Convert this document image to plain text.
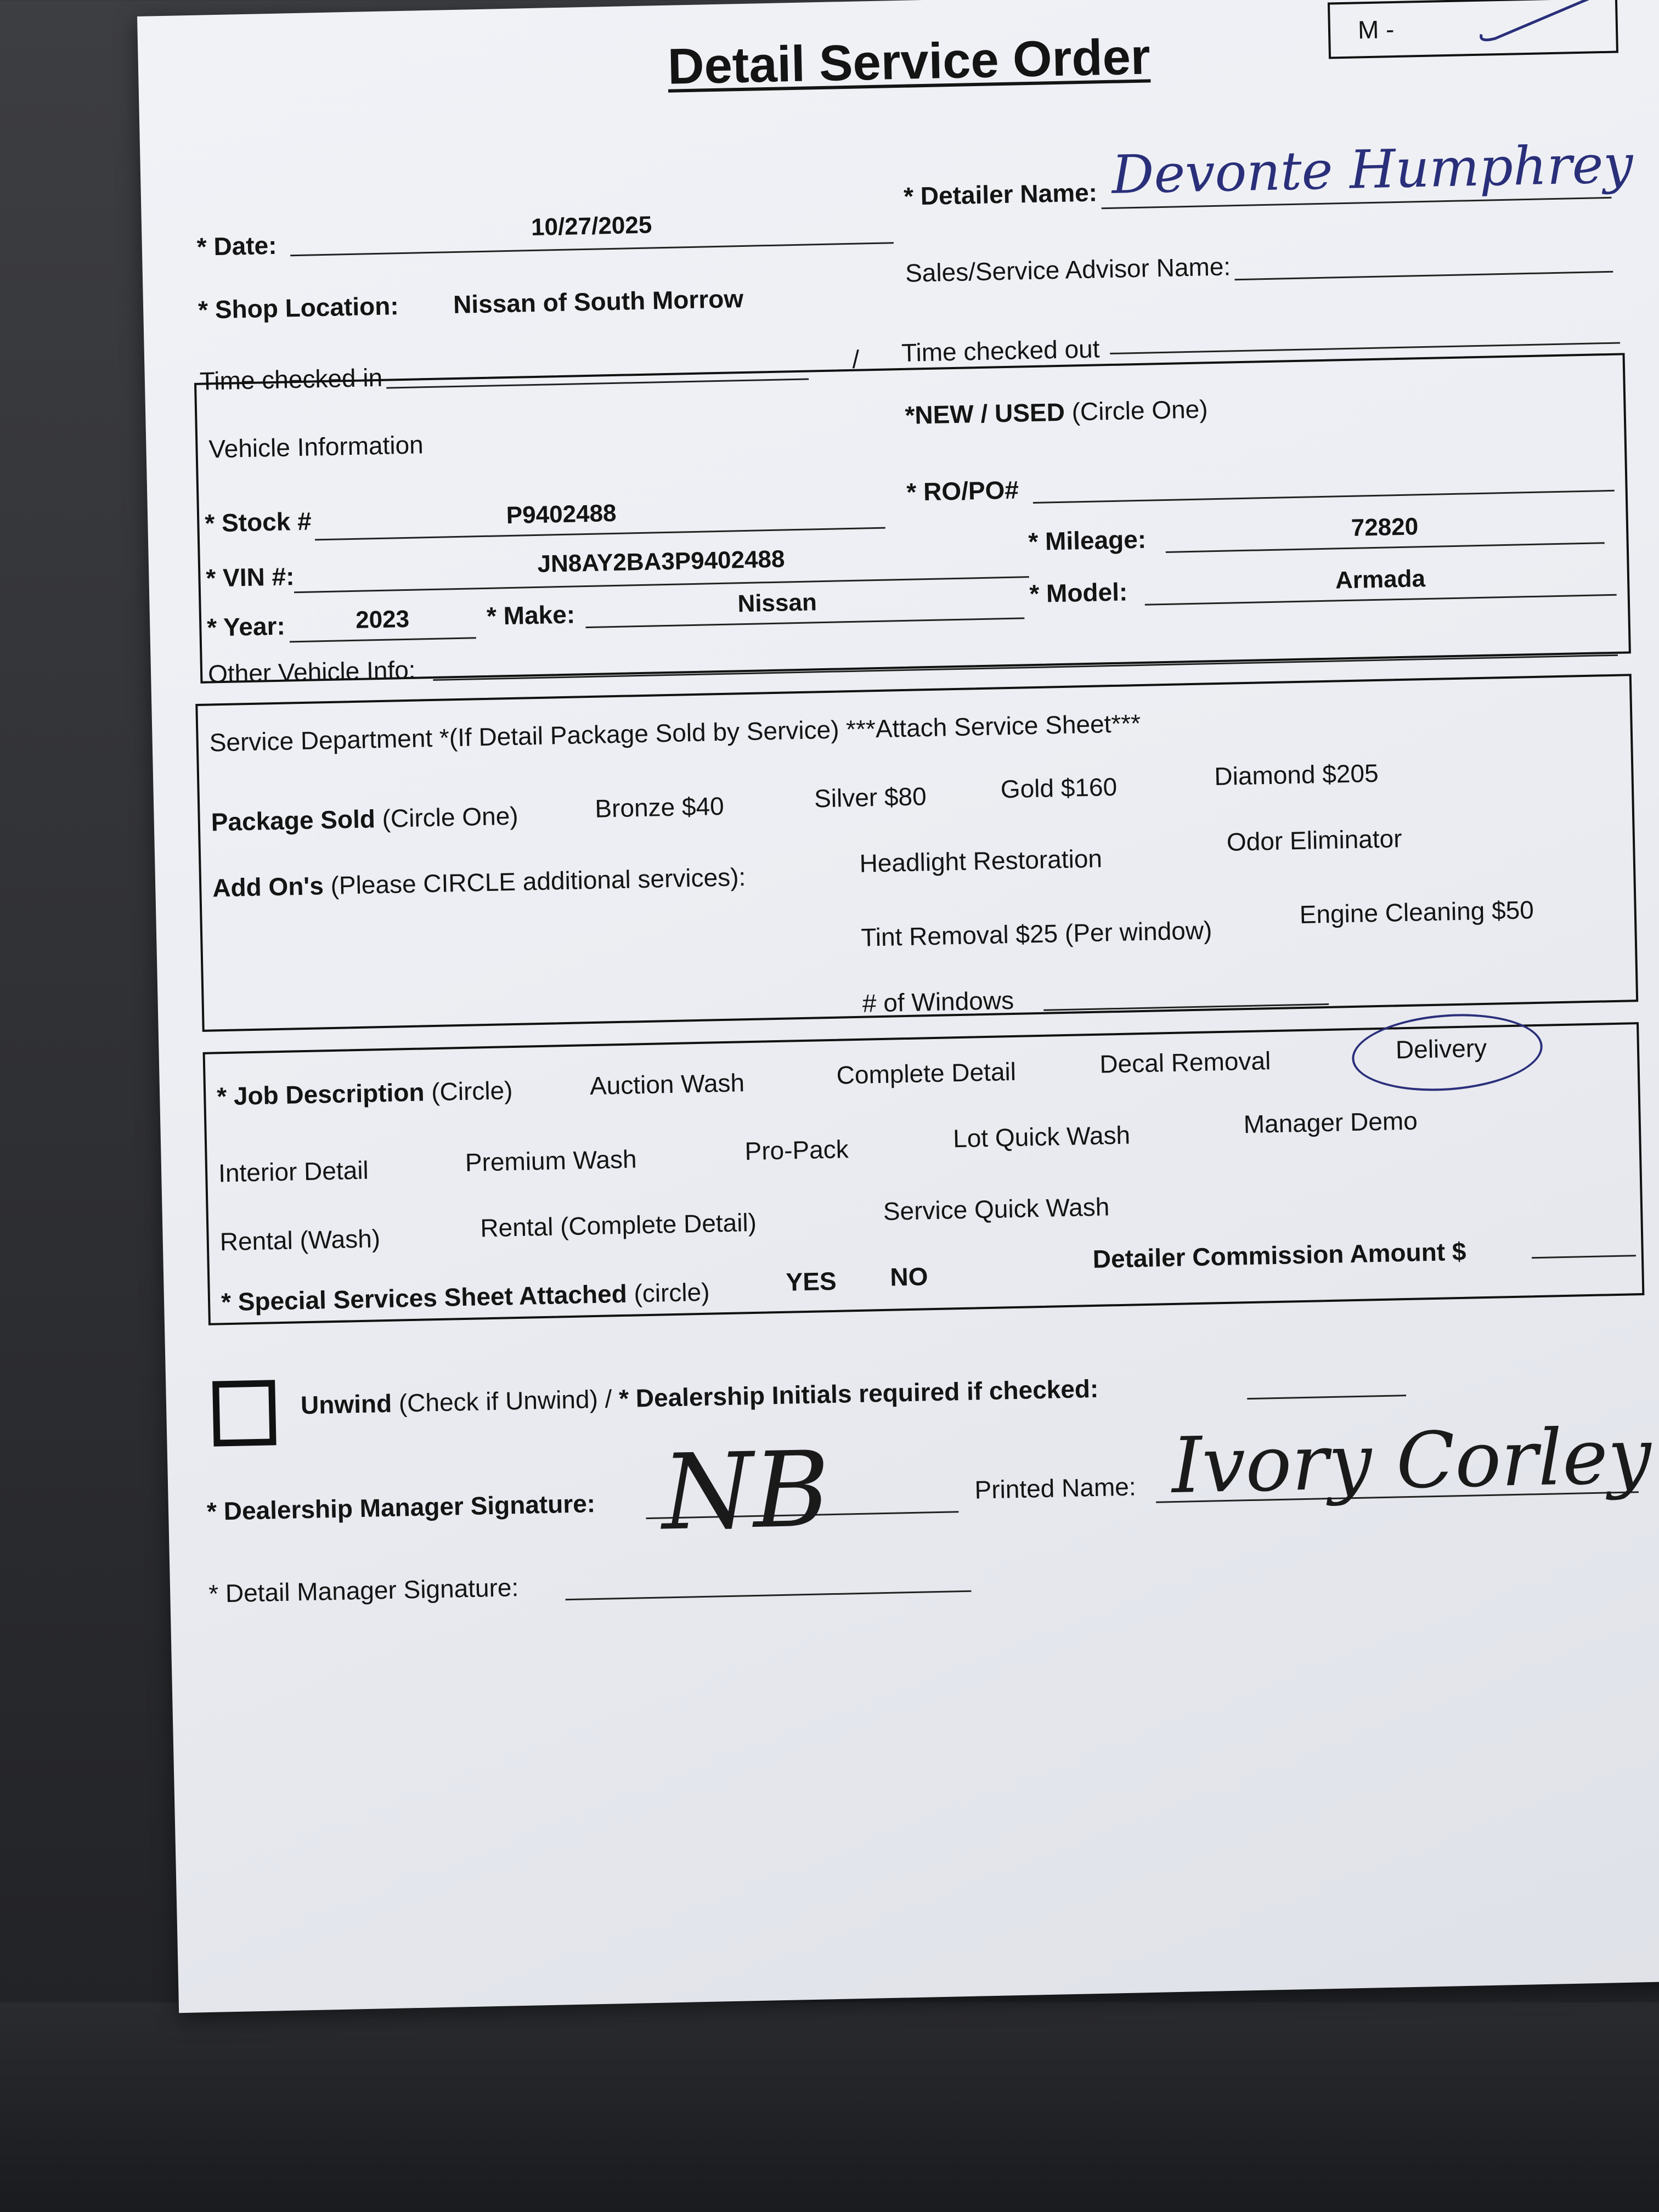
Detail Service Order	M -
* Date:
10/27/2025
* Detailer Name: Devonte Humphrey
* Shop Location: Nissan of South Morrow
Sales/Service Advisor Name:
Time checked in
/ Time checked out
Vehicle Information
*NEW / USED (Circle One)
* Stock #	P9402488
* RO/PO#
* Mileage:	72820
* VIN #:	JN8AY2BA3P9402488
* Model:	Armada
* Year:	2023	* Make:	Nissan
Other Vehicle Info:
Service Department *(If Detail Package Sold by Service) ***Attach Service Sheet***
Package Sold (Circle One)	Bronze $40	Silver $80	Gold $160	Diamond $205
Add On's (Please CIRCLE additional services):
Headlight Restoration
Odor Eliminator
Tint Removal $25 (Per window)
Engine Cleaning $50
# of Windows
* Job Description (Circle)	Auction Wash	Complete Detail	Decal Removal	Delivery
Interior Detail	Premium Wash	Pro-Pack	Lot Quick Wash	Manager Demo
Rental (Wash)	Rental (Complete Detail)	Service Quick Wash
* Special Services Sheet Attached (circle)	YES NO
Detailer Commission Amount $
Unwind (Check if Unwind) / * Dealership Initials required if checked:
* Dealership Manager Signature: NB	Printed Name: Ivory Corley
* Detail Manager Signature:
